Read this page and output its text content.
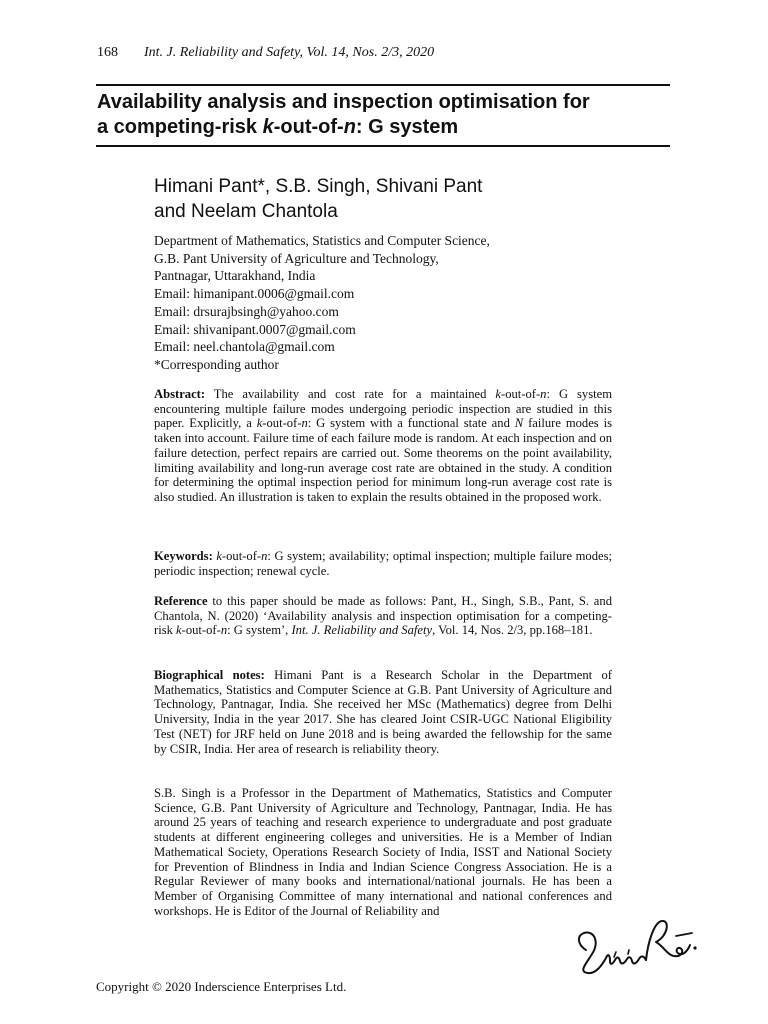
168 Int. J. Reliability and Safety, Vol. 14, Nos. 2/3, 2020
Availability analysis and inspection optimisation for
a competing-risk k-out-of-n: G system

Himani Pant*, S.B. Singh, Shivani Pant
and Neelam Chantola

Department of Mathematics, Statistics and Computer Science,
G.B. Pant University of Agriculture and Technology,
Pantnagar, Uttarakhand, India
Email: himanipant.0006@gmail.com
Email: drsurajbsingh@yahoo.com
Email: shivanipant.0007@gmail.com
Email: neel.chantola@gmail.com
*Corresponding author

Abstract: The availability and cost rate for a maintained k-out-of-n: G system encountering multiple failure modes undergoing periodic inspection are studied in this paper. Explicitly, a k-out-of-n: G system with a functional state and N failure modes is taken into account. Failure time of each failure mode is random. At each inspection and on failure detection, perfect repairs are carried out. Some theorems on the point availability, limiting availability and long-run average cost rate are obtained in the study. A condition for determining the optimal inspection period for minimum long-run average cost rate is also studied. An illustration is taken to explain the results obtained in the proposed work.

Keywords: k-out-of-n: G system; availability; optimal inspection; multiple failure modes; periodic inspection; renewal cycle.

Reference to this paper should be made as follows: Pant, H., Singh, S.B., Pant, S. and Chantola, N. (2020) ‘Availability analysis and inspection optimisation for a competing-risk k-out-of-n: G system’, Int. J. Reliability and Safety, Vol. 14, Nos. 2/3, pp.168–181.

Biographical notes: Himani Pant is a Research Scholar in the Department of Mathematics, Statistics and Computer Science at G.B. Pant University of Agriculture and Technology, Pantnagar, India. She received her MSc (Mathematics) degree from Delhi University, India in the year 2017. She has cleared Joint CSIR-UGC National Eligibility Test (NET) for JRF held on June 2018 and is being awarded the fellowship for the same by CSIR, India. Her area of research is reliability theory.

S.B. Singh is a Professor in the Department of Mathematics, Statistics and Computer Science, G.B. Pant University of Agriculture and Technology, Pantnagar, India. He has around 25 years of teaching and research experience to undergraduate and post graduate students at different engineering colleges and universities. He is a Member of Indian Mathematical Society, Operations Research Society of India, ISST and National Society for Prevention of Blindness in India and Indian Science Congress Association. He is a Regular Reviewer of many books and international/national journals. He has been a Member of Organising Committee of many international and national conferences and workshops. He is Editor of the Journal of Reliability and

Copyright © 2020 Inderscience Enterprises Ltd.
